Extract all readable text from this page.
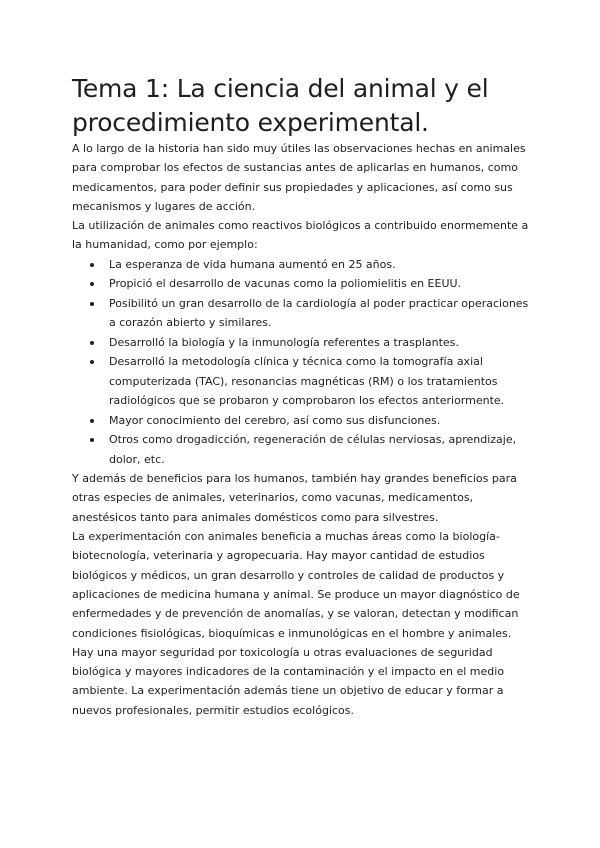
Tema 1: La ciencia del animal y el procedimiento experimental.

A lo largo de la historia han sido muy útiles las observaciones hechas en animales para comprobar los efectos de sustancias antes de aplicarlas en humanos, como medicamentos, para poder definir sus propiedades y aplicaciones, así como sus mecanismos y lugares de acción.

La utilización de animales como reactivos biológicos a contribuido enormemente a la humanidad, como por ejemplo:

La esperanza de vida humana aumentó en 25 años.
Propició el desarrollo de vacunas como la poliomielitis en EEUU.
Posibilitó un gran desarrollo de la cardiología al poder practicar operaciones a corazón abierto y similares.
Desarrolló la biología y la inmunología referentes a trasplantes.
Desarrolló la metodología clínica y técnica como la tomografía axial computerizada (TAC), resonancias magnéticas (RM) o los tratamientos radiológicos que se probaron y comprobaron los efectos anteriormente.
Mayor conocimiento del cerebro, así como sus disfunciones.
Otros como drogadicción, regeneración de células nerviosas, aprendizaje, dolor, etc.

Y además de beneficios para los humanos, también hay grandes beneficios para otras especies de animales, veterinarios, como vacunas, medicamentos, anestésicos tanto para animales domésticos como para silvestres.

La experimentación con animales beneficia a muchas áreas como la biología-biotecnología, veterinaria y agropecuaria. Hay mayor cantidad de estudios biológicos y médicos, un gran desarrollo y controles de calidad de productos y aplicaciones de medicina humana y animal. Se produce un mayor diagnóstico de enfermedades y de prevención de anomalías, y se valoran, detectan y modifican condiciones fisiológicas, bioquímicas e inmunológicas en el hombre y animales. Hay una mayor seguridad por toxicología u otras evaluaciones de seguridad biológica y mayores indicadores de la contaminación y el impacto en el medio ambiente. La experimentación además tiene un objetivo de educar y formar a nuevos profesionales, permitir estudios ecológicos.
